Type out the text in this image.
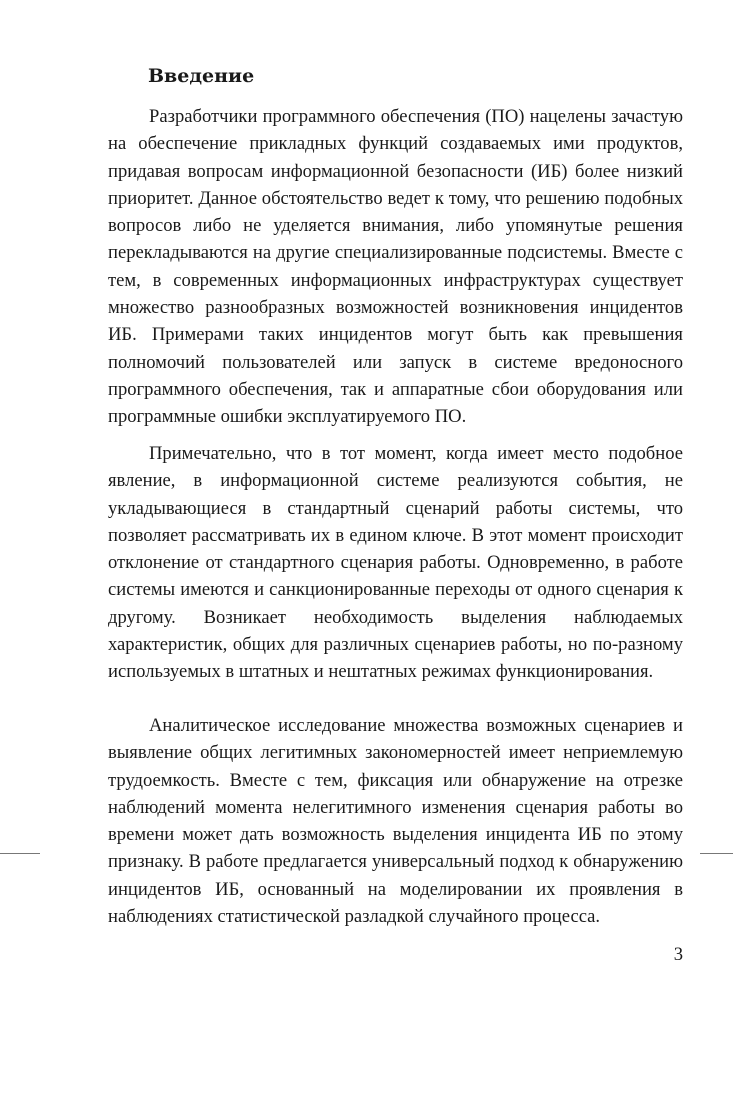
Введение

Разработчики программного обеспечения (ПО) нацелены зачастую на обеспечение прикладных функций создаваемых ими продуктов, придавая вопросам информационной безопасности (ИБ) более низкий приоритет. Данное обстоятельство ведет к тому, что решению подобных вопросов либо не уделяется внимания, либо упомянутые решения перекладываются на другие специализированные подсистемы. Вместе с тем, в современных информационных инфраструктурах существует множество разнообразных возможностей возникновения инцидентов ИБ. Примерами таких инцидентов могут быть как превышения полномочий пользователей или запуск в системе вредоносного программного обеспечения, так и аппаратные сбои оборудования или программные ошибки эксплуатируемого ПО.

Примечательно, что в тот момент, когда имеет место подобное явление, в информационной системе реализуются события, не укладывающиеся в стандартный сценарий работы системы, что позволяет рассматривать их в едином ключе. В этот момент происходит отклонение от стандартного сценария работы. Одновременно, в работе системы имеются и санкционированные переходы от одного сценария к другому. Возникает необходимость выделения наблюдаемых характеристик, общих для различных сценариев работы, но по-разному используемых в штатных и нештатных режимах функционирования.

Аналитическое исследование множества возможных сценариев и выявление общих легитимных закономерностей имеет неприемлемую трудоемкость. Вместе с тем, фиксация или обнаружение на отрезке наблюдений момента нелегитимного изменения сценария работы во времени может дать возможность выделения инцидента ИБ по этому признаку. В работе предлагается универсальный подход к обнаружению инцидентов ИБ, основанный на моделировании их проявления в наблюдениях статистической разладкой случайного процесса.

3
